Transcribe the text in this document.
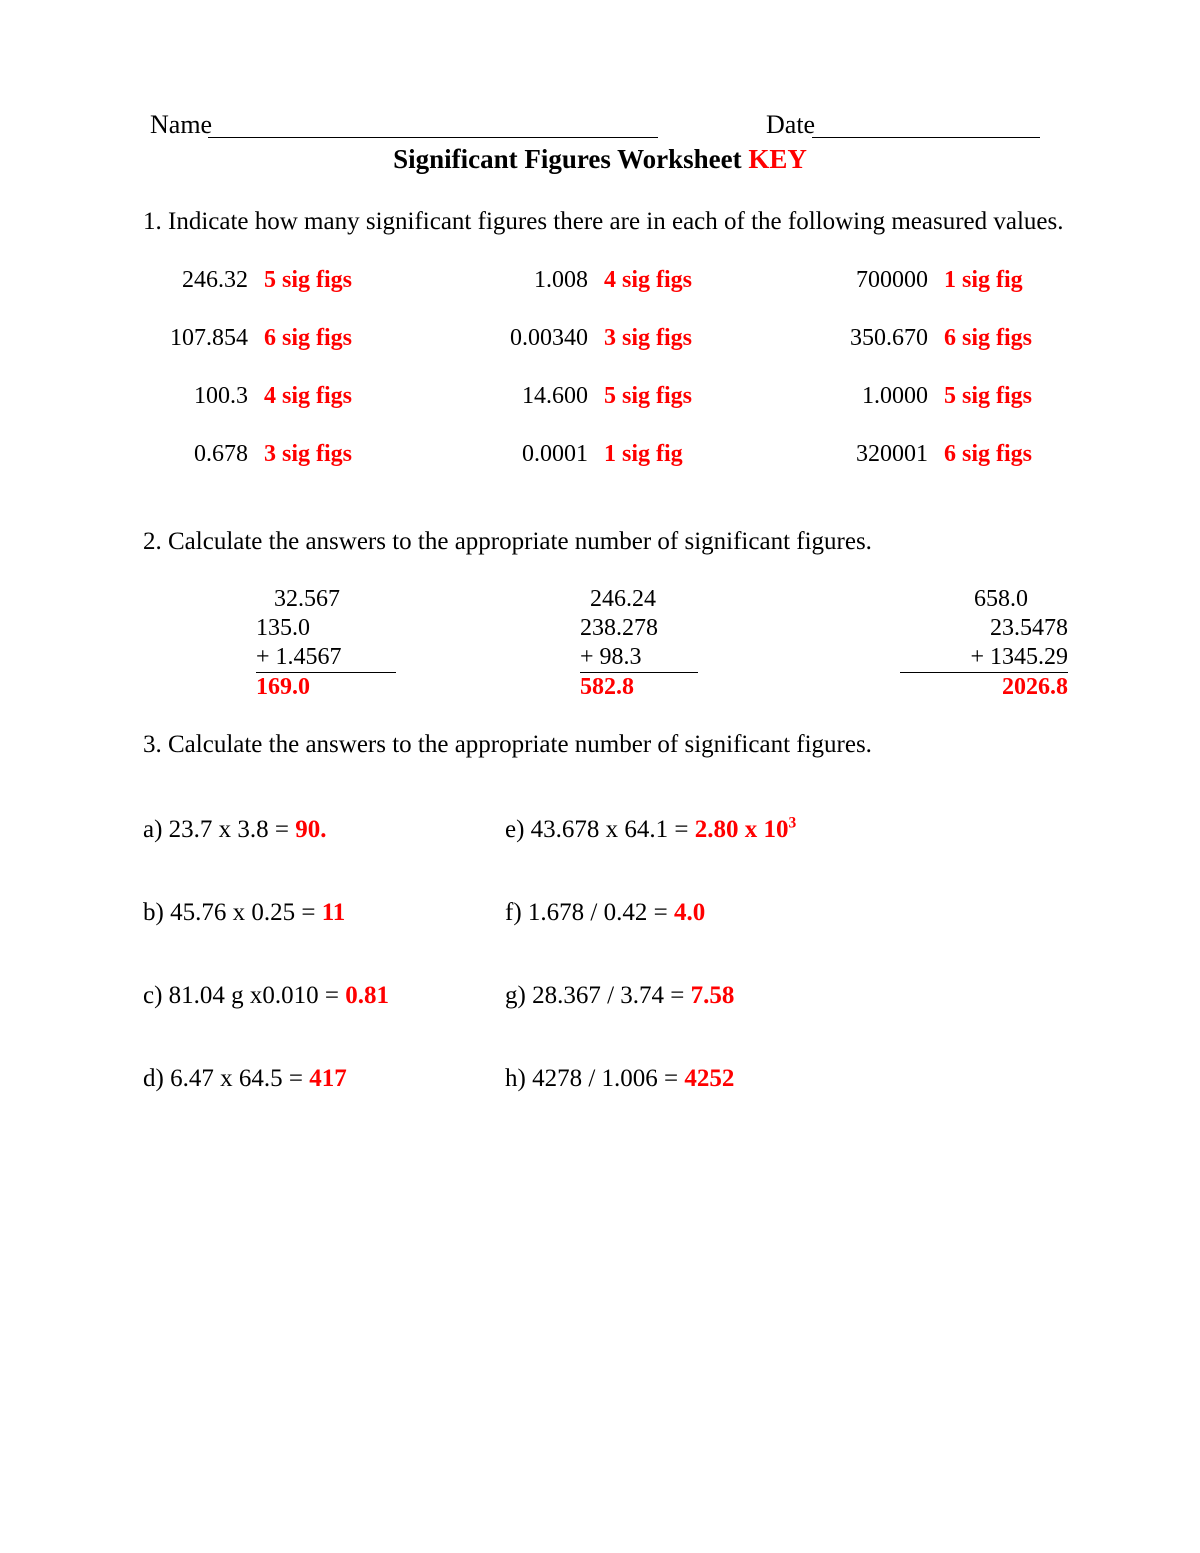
Name	Date
Significant Figures Worksheet KEY
1. Indicate how many significant figures there are in each of the following measured values.
246.32 5 sig figs	1.008 4 sig figs	700000 1 sig fig
107.854 6 sig figs	0.00340 3 sig figs	350.670 6 sig figs
100.3 4 sig figs	14.600 5 sig figs	1.0000 5 sig figs
0.678 3 sig figs	0.0001 1 sig fig	320001 6 sig figs
2. Calculate the answers to the appropriate number of significant figures.
32.567
135.0
+ 1.4567
169.0
246.24
238.278
+ 98.3
582.8
658.0
23.5478
+ 1345.29
2026.8
3. Calculate the answers to the appropriate number of significant figures.
a) 23.7 x 3.8 = 90.
b) 45.76 x 0.25 = 11
c) 81.04 g x0.010 = 0.81
d) 6.47 x 64.5 = 417
e) 43.678 x 64.1 = 2.80 x $10^3$
f) 1.678 / 0.42 = 4.0
g) 28.367 / 3.74 = 7.58
h) 4278 / 1.006 = 4252
